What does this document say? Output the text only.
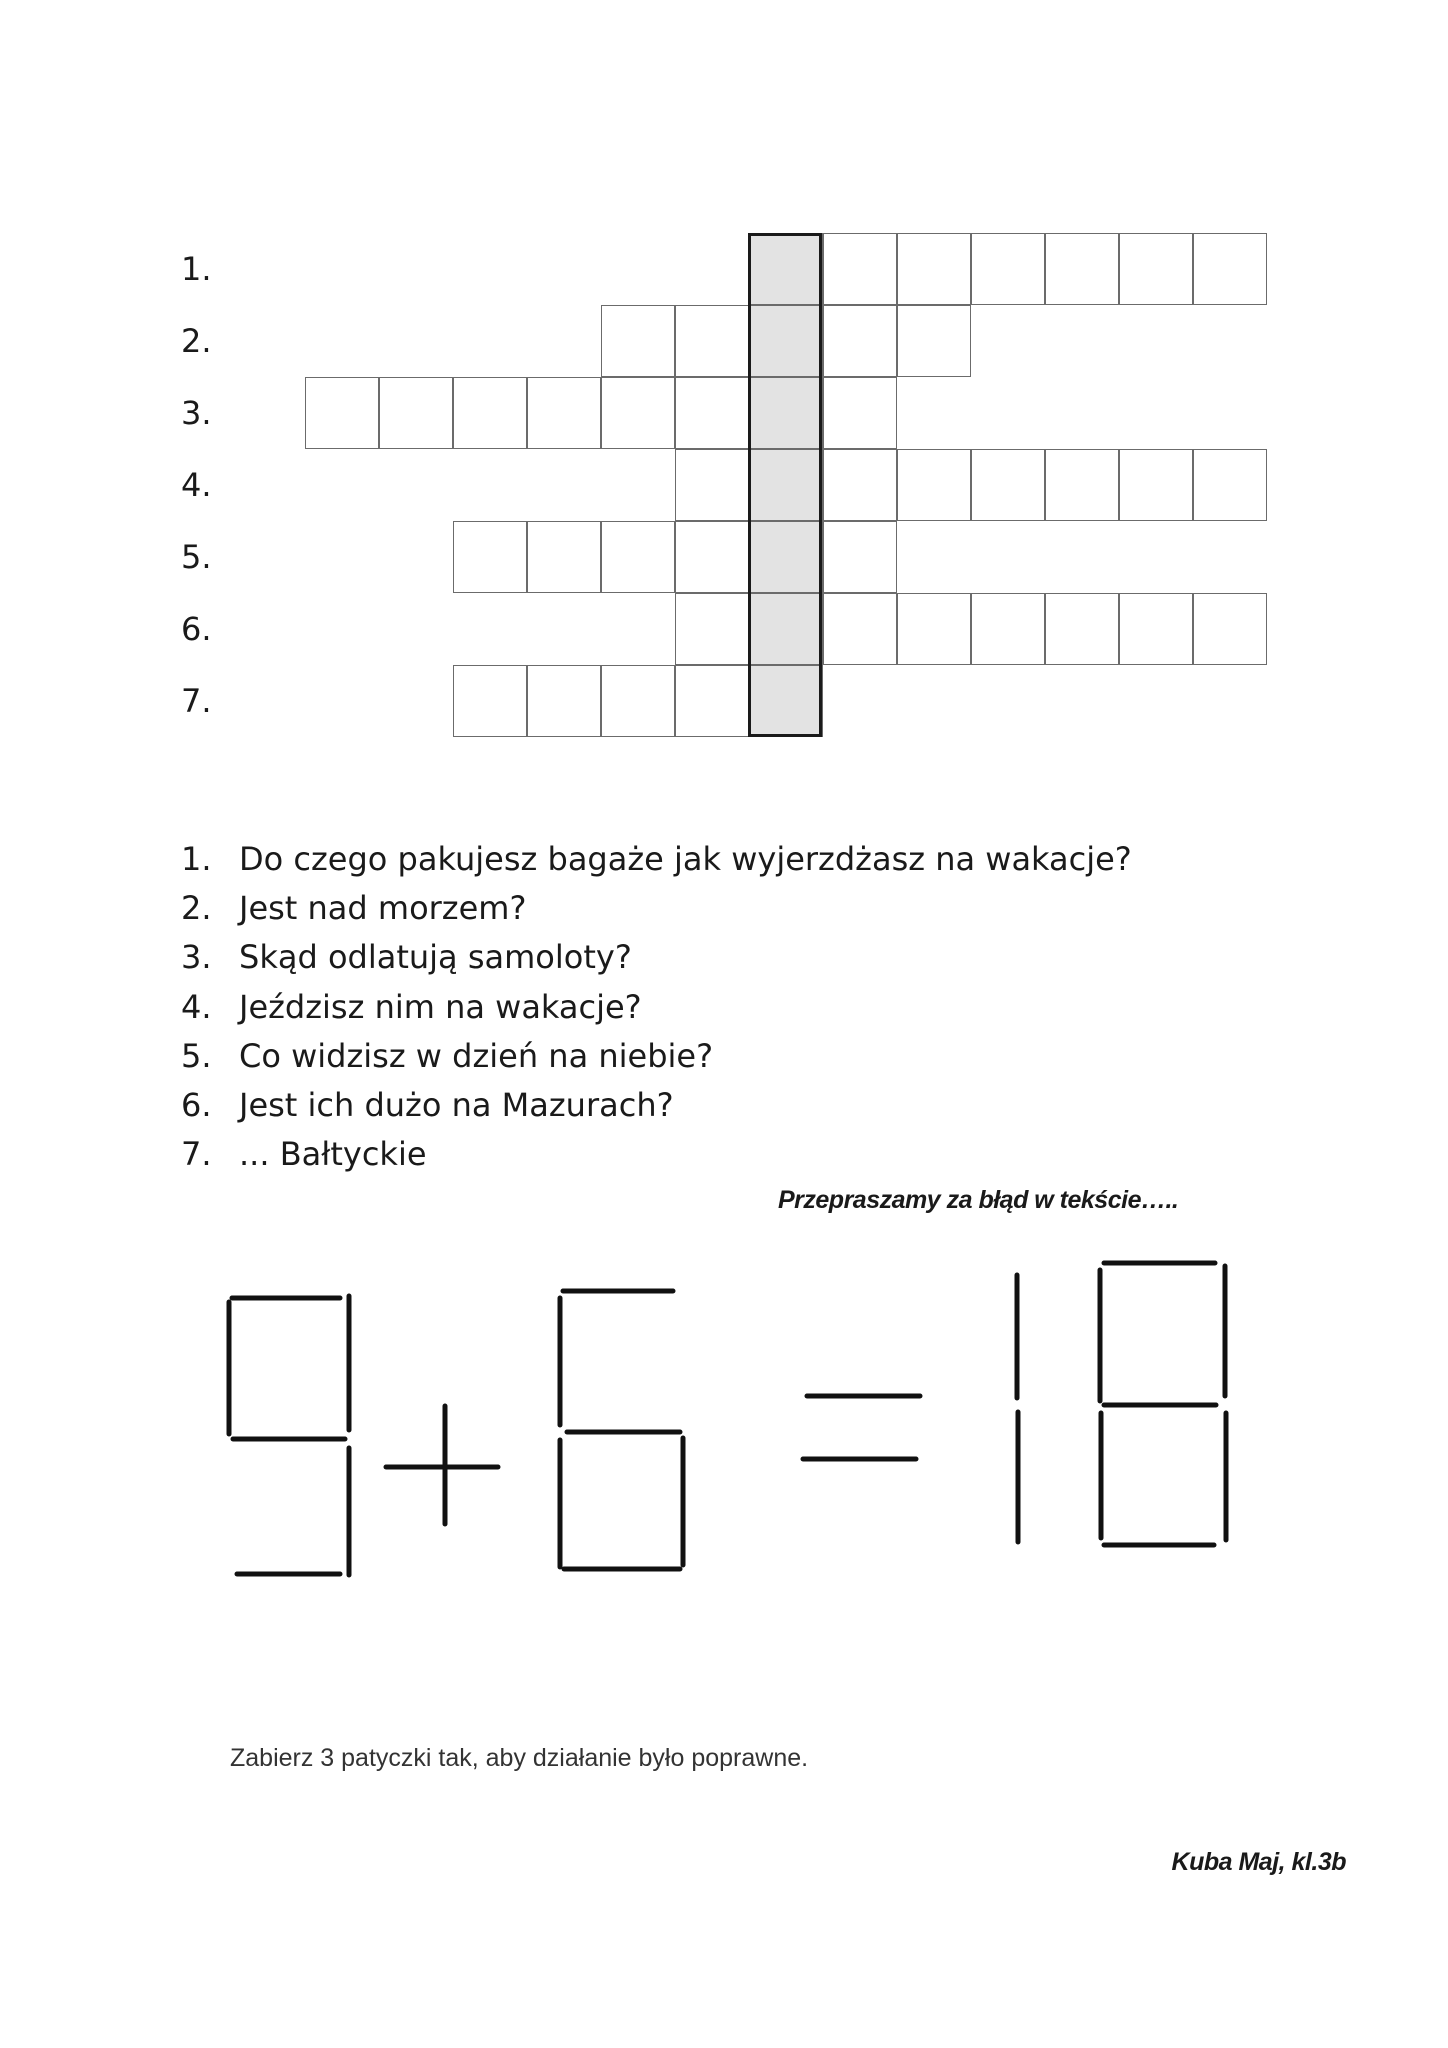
1.
2.
3.
4.
5.
6.
7.
1. Do czego pakujesz bagaże jak wyjerzdżasz na wakacje?
2. Jest nad morzem?
3. Skąd odlatują samoloty?
4. Jeździsz nim na wakacje?
5. Co widzisz w dzień na niebie?
6. Jest ich dużo na Mazurach?
7. ... Bałtyckie
Przepraszamy za błąd w tekście…..
Zabierz 3 patyczki tak, aby działanie było poprawne.
Kuba Maj, kl.3b
